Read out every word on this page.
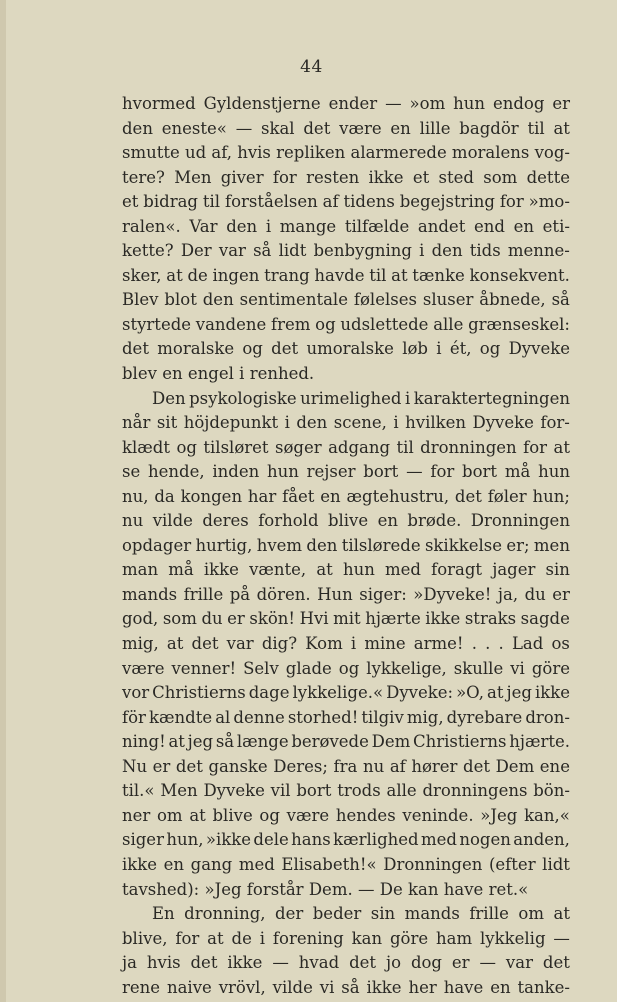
44
hvormed Gyldenstjerne ender — »om hun endog er
den eneste« — skal det være en lille bagdör til at
smutte ud af, hvis repliken alarmerede moralens vog-
tere? Men giver for resten ikke et sted som dette
et bidrag til forståelsen af tidens begejstring for »mo-
ralen«. Var den i mange tilfælde andet end en eti-
kette? Der var så lidt benbygning i den tids menne-
sker, at de ingen trang havde til at tænke konsekvent.
Blev blot den sentimentale følelses sluser åbnede, så
styrtede vandene frem og udslettede alle grænseskel:
det moralske og det umoralske løb i ét, og Dyveke
blev en engel i renhed.
Den psykologiske urimelighed i karaktertegningen
når sit höjdepunkt i den scene, i hvilken Dyveke for-
klædt og tilsløret søger adgang til dronningen for at
se hende, inden hun rejser bort — for bort må hun
nu, da kongen har fået en ægtehustru, det føler hun;
nu vilde deres forhold blive en brøde. Dronningen
opdager hurtig, hvem den tilslørede skikkelse er; men
man må ikke vænte, at hun med foragt jager sin
mands frille på dören. Hun siger: »Dyveke! ja, du er
god, som du er skön! Hvi mit hjærte ikke straks sagde
mig, at det var dig? Kom i mine arme! . . . Lad os
være venner! Selv glade og lykkelige, skulle vi göre
vor Christierns dage lykkelige.« Dyveke: »O, at jeg ikke
för kændte al denne storhed! tilgiv mig, dyrebare dron-
ning! at jeg så længe berøvede Dem Christierns hjærte.
Nu er det ganske Deres; fra nu af hører det Dem ene
til.« Men Dyveke vil bort trods alle dronningens bön-
ner om at blive og være hendes veninde. »Jeg kan,«
siger hun, »ikke dele hans kærlighed med nogen anden,
ikke en gang med Elisabeth!« Dronningen (efter lidt
tavshed): »Jeg forstår Dem. — De kan have ret.«
En dronning, der beder sin mands frille om at
blive, for at de i forening kan göre ham lykkelig —
ja hvis det ikke — hvad det jo dog er — var det
rene naive vrövl, vilde vi så ikke her have en tanke-
